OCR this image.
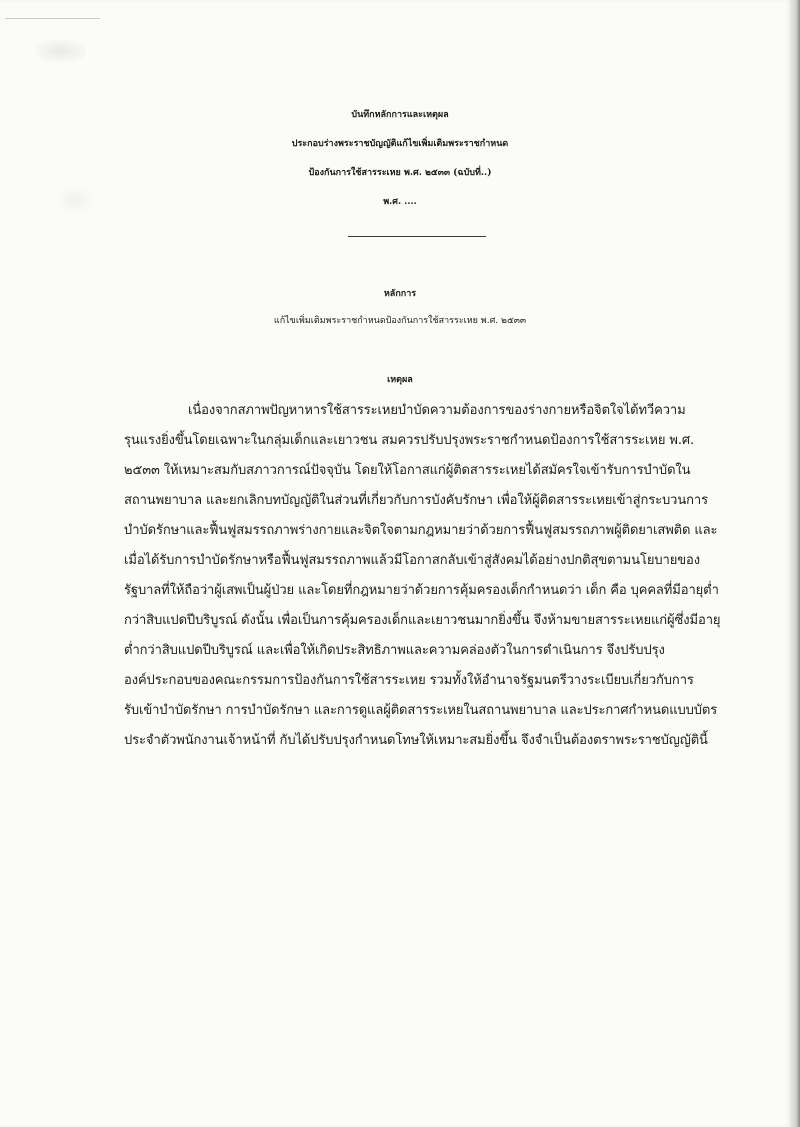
บันทึกหลักการและเหตุผล
ประกอบร่างพระราชบัญญัติแก้ไขเพิ่มเติมพระราชกำหนด
ป้องกันการใช้สารระเหย พ.ศ. ๒๕๓๓ (ฉบับที่..)
พ.ศ. ....
หลักการ
แก้ไขเพิ่มเติมพระราชกำหนดป้องกันการใช้สารระเหย พ.ศ. ๒๕๓๓
เหตุผล
เนื่องจากสภาพปัญหาหารใช้สารระเหยบำบัดความต้องการของร่างกายหรือจิตใจได้ทวีความ
รุนแรงยิ่งขึ้นโดยเฉพาะในกลุ่มเด็กและเยาวชน สมควรปรับปรุงพระราชกำหนดป้องการใช้สารระเหย พ.ศ.
๒๕๓๓ ให้เหมาะสมกับสภาวการณ์ปัจจุบัน โดยให้โอกาสแก่ผู้ติดสารระเหยได้สมัครใจเข้ารับการบำบัดใน
สถานพยาบาล และยกเลิกบทบัญญัติในส่วนที่เกี่ยวกับการบังคับรักษา เพื่อให้ผู้ติดสารระเหยเข้าสู่กระบวนการ
บำบัดรักษาและฟื้นฟูสมรรถภาพร่างกายและจิตใจตามกฎหมายว่าด้วยการฟื้นฟูสมรรถภาพผู้ติดยาเสพติด และ
เมื่อได้รับการบำบัดรักษาหรือฟื้นฟูสมรรถภาพแล้วมีโอกาสกลับเข้าสู่สังคมได้อย่างปกติสุขตามนโยบายของ
รัฐบาลที่ให้ถือว่าผู้เสพเป็นผู้ป่วย และโดยที่กฎหมายว่าด้วยการคุ้มครองเด็กกำหนดว่า เด็ก คือ บุคคลที่มีอายุต่ำ
กว่าสิบแปดปีบริบูรณ์ ดังนั้น เพื่อเป็นการคุ้มครองเด็กและเยาวชนมากยิ่งขึ้น จึงห้ามขายสารระเหยแก่ผู้ซึ่งมีอายุ
ต่ำกว่าสิบแปดปีบริบูรณ์ และเพื่อให้เกิดประสิทธิภาพและความคล่องตัวในการดำเนินการ จึงปรับปรุง
องค์ประกอบของคณะกรรมการป้องกันการใช้สารระเหย รวมทั้งให้อำนาจรัฐมนตรีวางระเบียบเกี่ยวกับการ
รับเข้าบำบัดรักษา การบำบัดรักษา และการดูแลผู้ติดสารระเหยในสถานพยาบาล และประกาศกำหนดแบบบัตร
ประจำตัวพนักงานเจ้าหน้าที่ กับได้ปรับปรุงกำหนดโทษให้เหมาะสมยิ่งขึ้น จึงจำเป็นต้องตราพระราชบัญญัตินี้
